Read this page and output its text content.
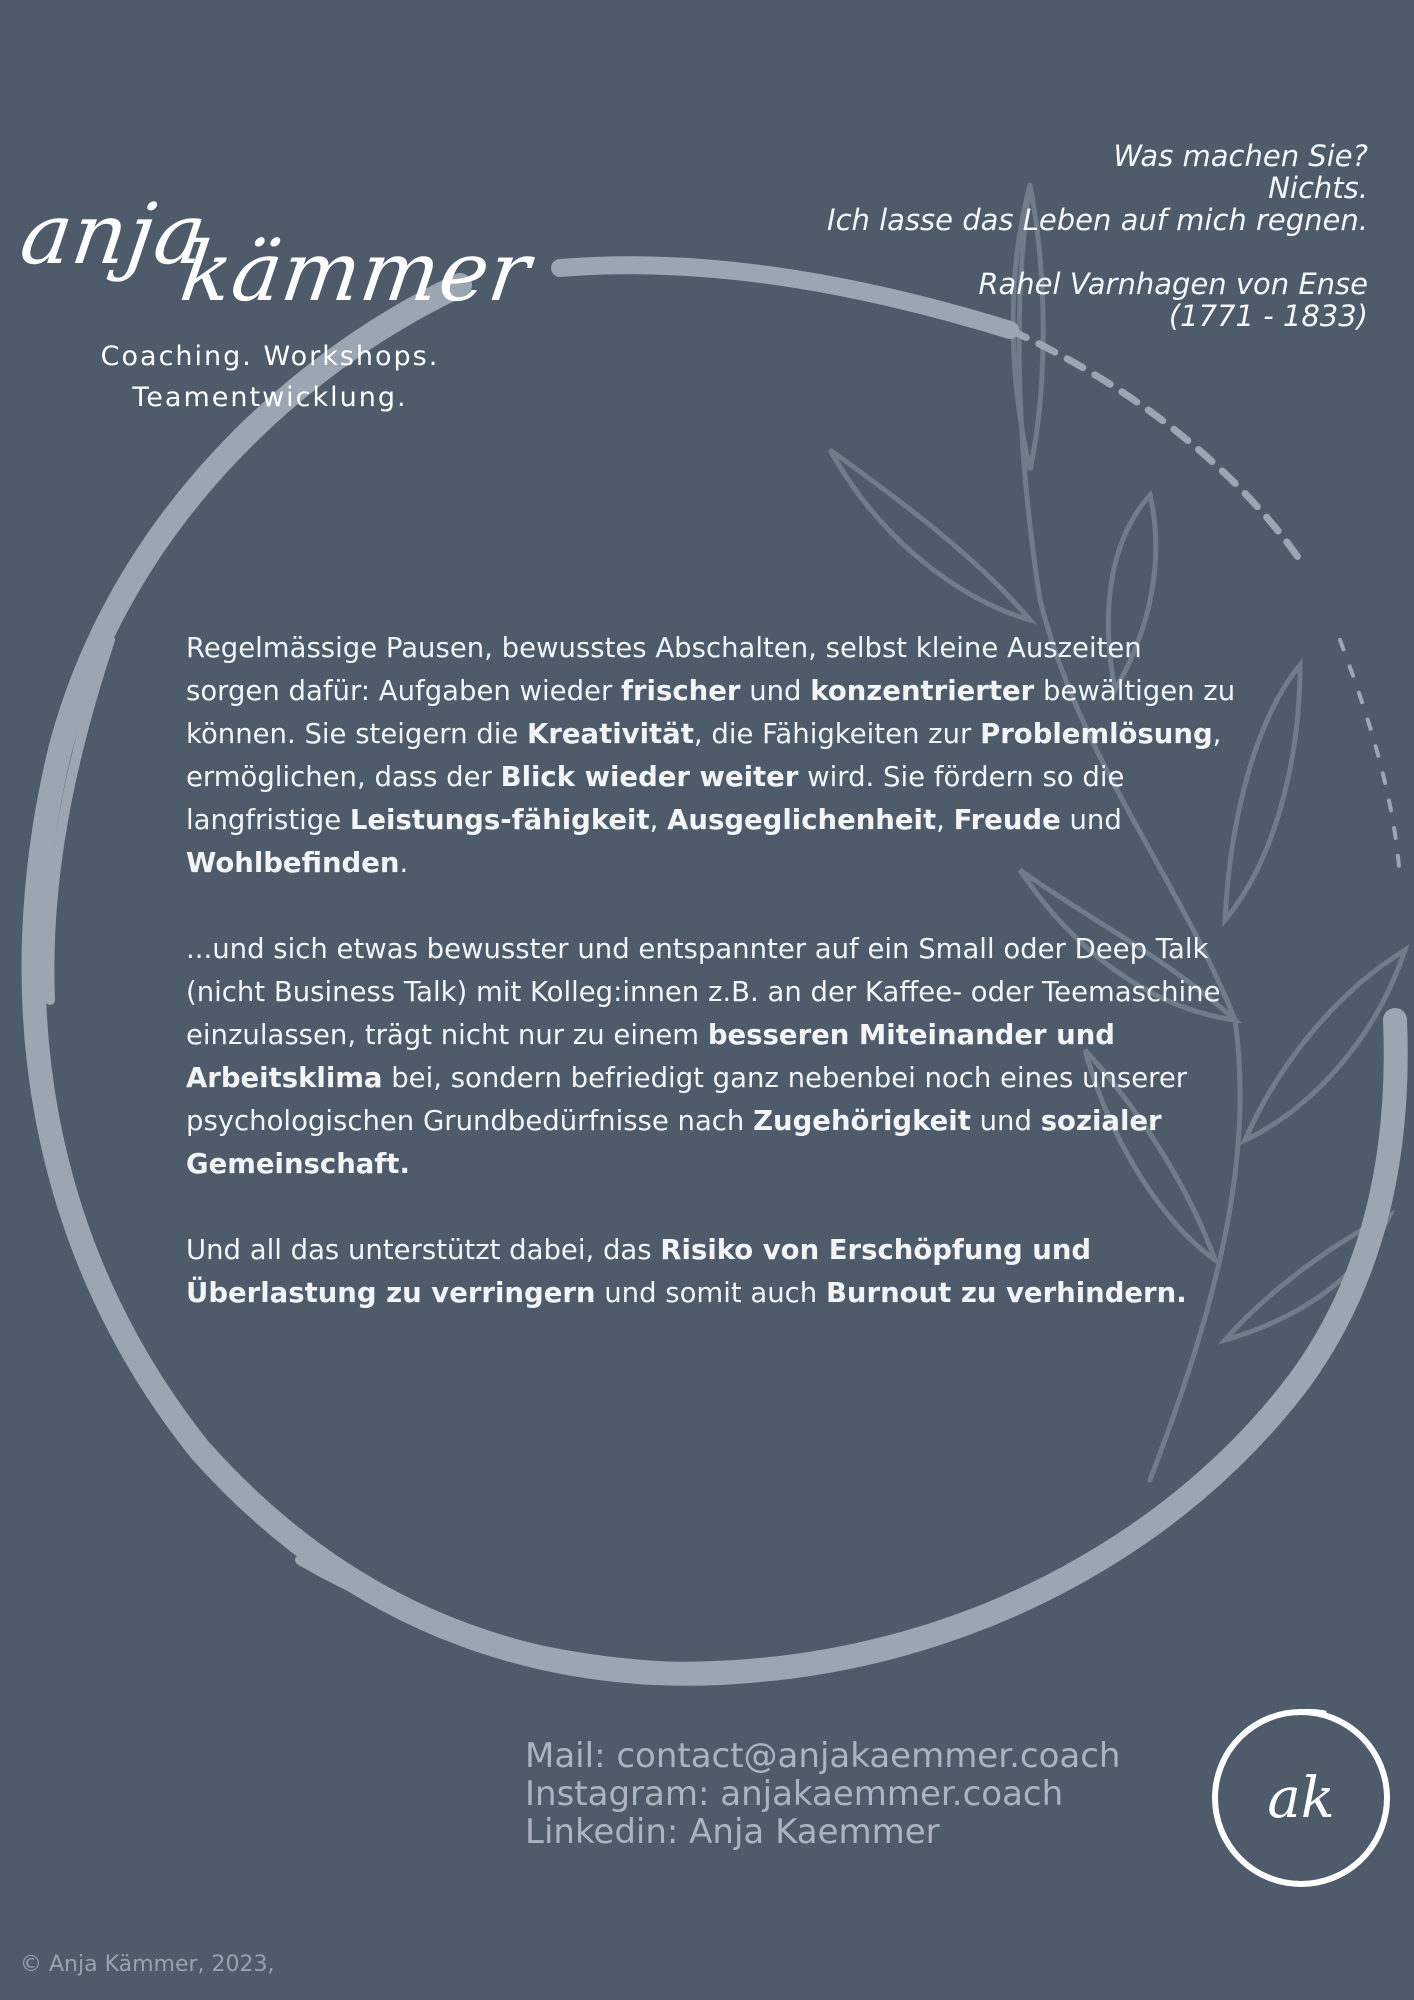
anja
kämmer
Coaching. Workshops.
Teamentwicklung.
Was machen Sie?
Nichts.
Ich lasse das Leben auf mich regnen.
Rahel Varnhagen von Ense
(1771 - 1833)

Regelmässige Pausen, bewusstes Abschalten, selbst kleine Auszeiten sorgen dafür: Aufgaben wieder frischer und konzentrierter bewältigen zu können. Sie steigern die Kreativität, die Fähigkeiten zur Problemlösung, ermöglichen, dass der Blick wieder weiter wird. Sie fördern so die langfristige Leistungs-fähigkeit, Ausgeglichenheit, Freude und Wohlbefinden.

...und sich etwas bewusster und entspannter auf ein Small oder Deep Talk (nicht Business Talk) mit Kolleg:innen z.B. an der Kaffee- oder Teemaschine einzulassen, trägt nicht nur zu einem besseren Miteinander und Arbeitsklima bei, sondern befriedigt ganz nebenbei noch eines unserer psychologischen Grundbedürfnisse nach Zugehörigkeit und sozialer Gemeinschaft.

Und all das unterstützt dabei, das Risiko von Erschöpfung und Überlastung zu verringern und somit auch Burnout zu verhindern.

Mail: contact@anjakaemmer.coach
Instagram: anjakaemmer.coach
Linkedin: Anja Kaemmer
ak
© Anja Kämmer, 2023,
